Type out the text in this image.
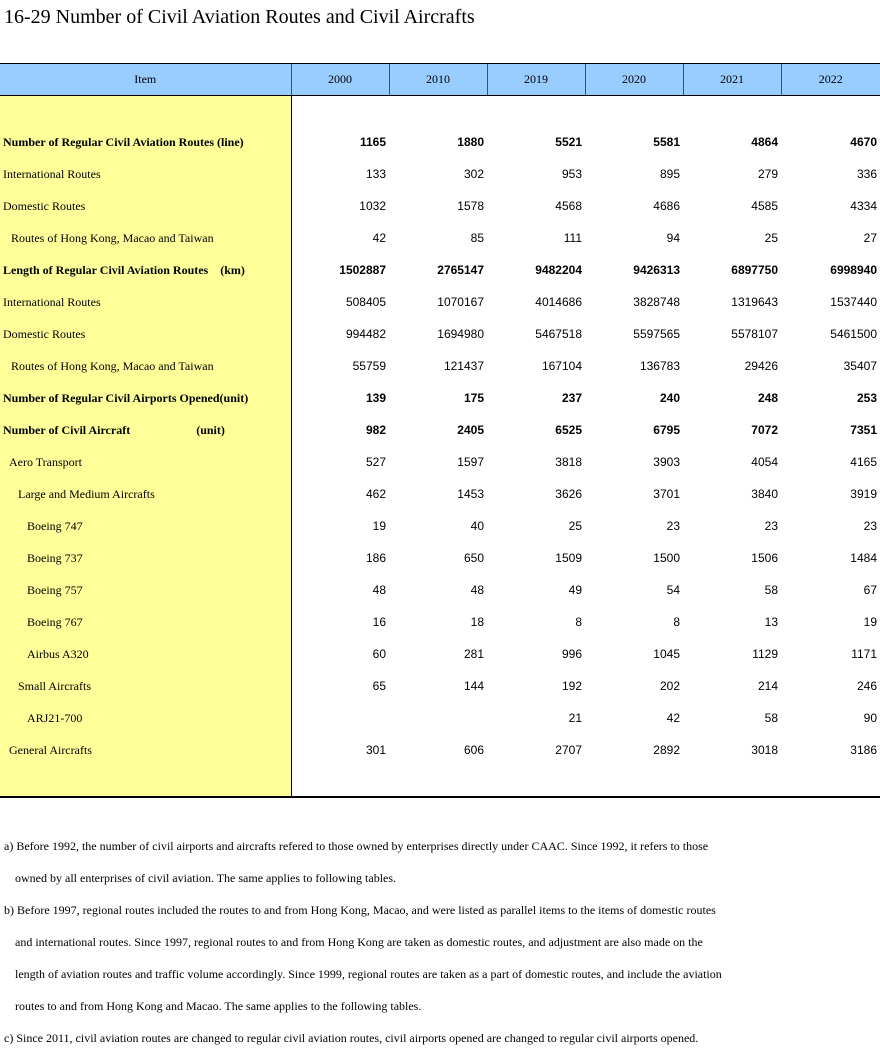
16-29 Number of Civil Aviation Routes and Civil Aircrafts
Item	2000	2010	2019	2020	2021	2022

Number of Regular Civil Aviation Routes (line)	1165	1880	5521	5581	4864	4670
International Routes	133	302	953	895	279	336
Domestic Routes	1032	1578	4568	4686	4585	4334
Routes of Hong Kong, Macao and Taiwan	42	85	111	94	25	27
Length of Regular Civil Aviation Routes    (km)	1502887	2765147	9482204	9426313	6897750	6998940
International Routes	508405	1070167	4014686	3828748	1319643	1537440
Domestic Routes	994482	1694980	5467518	5597565	5578107	5461500
Routes of Hong Kong, Macao and Taiwan	55759	121437	167104	136783	29426	35407
Number of Regular Civil Airports Opened(unit)	139	175	237	240	248	253
Number of Civil Aircraft                      (unit)	982	2405	6525	6795	7072	7351
Aero Transport	527	1597	3818	3903	4054	4165
Large and Medium Aircrafts	462	1453	3626	3701	3840	3919
Boeing 747	19	40	25	23	23	23
Boeing 737	186	650	1509	1500	1506	1484
Boeing 757	48	48	49	54	58	67
Boeing 767	16	18	8	8	13	19
Airbus A320	60	281	996	1045	1129	1171
Small Aircrafts	65	144	192	202	214	246
ARJ21-700			21	42	58	90
General Aircrafts	301	606	2707	2892	3018	3186

a) Before 1992, the number of civil airports and aircrafts refered to those owned by enterprises directly under CAAC. Since 1992, it refers to those

owned by all enterprises of civil aviation. The same applies to following tables.

b) Before 1997, regional routes included the routes to and from Hong Kong, Macao, and were listed as parallel items to the items of domestic routes

and international routes. Since 1997, regional routes to and from Hong Kong are taken as domestic routes, and adjustment are also made on the

length of aviation routes and traffic volume accordingly. Since 1999, regional routes are taken as a part of domestic routes, and include the aviation

routes to and from Hong Kong and Macao. The same applies to the following tables.

c) Since 2011, civil aviation routes are changed to regular civil aviation routes, civil airports opened are changed to regular civil airports opened.
